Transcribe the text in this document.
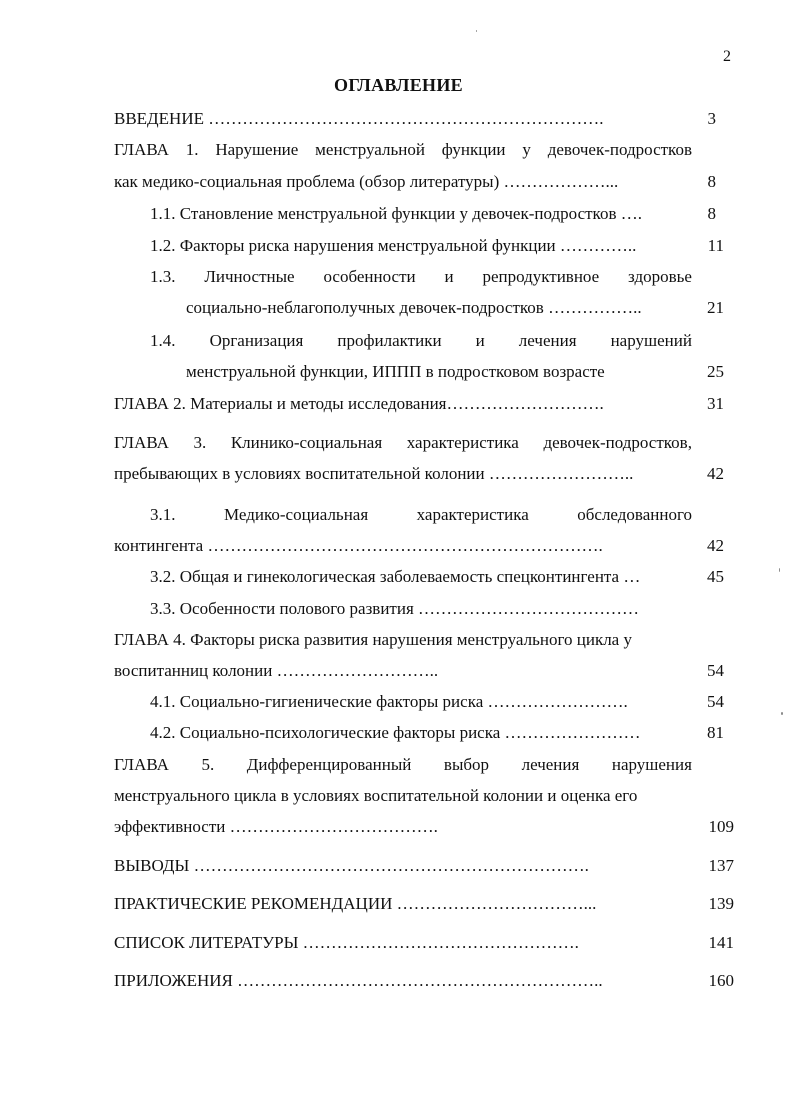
2
ОГЛАВЛЕНИЕ
ВВЕДЕНИЕ …………………………………………………………….	3
ГЛАВА 1. Нарушение менструальной функции у девочек-подростков
как медико-социальная проблема (обзор литературы) ………………...	8
1.1. Становление менструальной функции у девочек-подростков ….	8
1.2. Факторы риска нарушения менструальной функции …………..	11
1.3. Личностные особенности и репродуктивное здоровье
социально-неблагополучных девочек-подростков ……………..	21
1.4. Организация профилактики и лечения нарушений
менструальной функции, ИППП в подростковом возрасте	25
ГЛАВА 2. Материалы и методы исследования……………………….	31
ГЛАВА 3. Клинико-социальная характеристика девочек-подростков,
пребывающих в условиях воспитательной колонии ……………………..	42
3.1.	Медико-социальная	характеристика	обследованного
контингента …………………………………………………………….	42
3.2. Общая и гинекологическая заболеваемость спецконтингента …	45
3.3. Особенности полового развития …………………………………
ГЛАВА 4. Факторы риска развития нарушения менструального цикла у
воспитанниц колонии ………………………..	54
4.1. Социально-гигиенические факторы риска …………………….	54
4.2. Социально-психологические факторы риска ……………………	81
ГЛАВА 5. Дифференцированный выбор лечения нарушения
менструального цикла в условиях воспитательной колонии и оценка его
эффективности ……………………………….	109
ВЫВОДЫ …………………………………………………………….	137
ПРАКТИЧЕСКИЕ РЕКОМЕНДАЦИИ ……………………………...	139
СПИСОК ЛИТЕРАТУРЫ ………………………………………….	141
ПРИЛОЖЕНИЯ ………………………………………………………..	160
